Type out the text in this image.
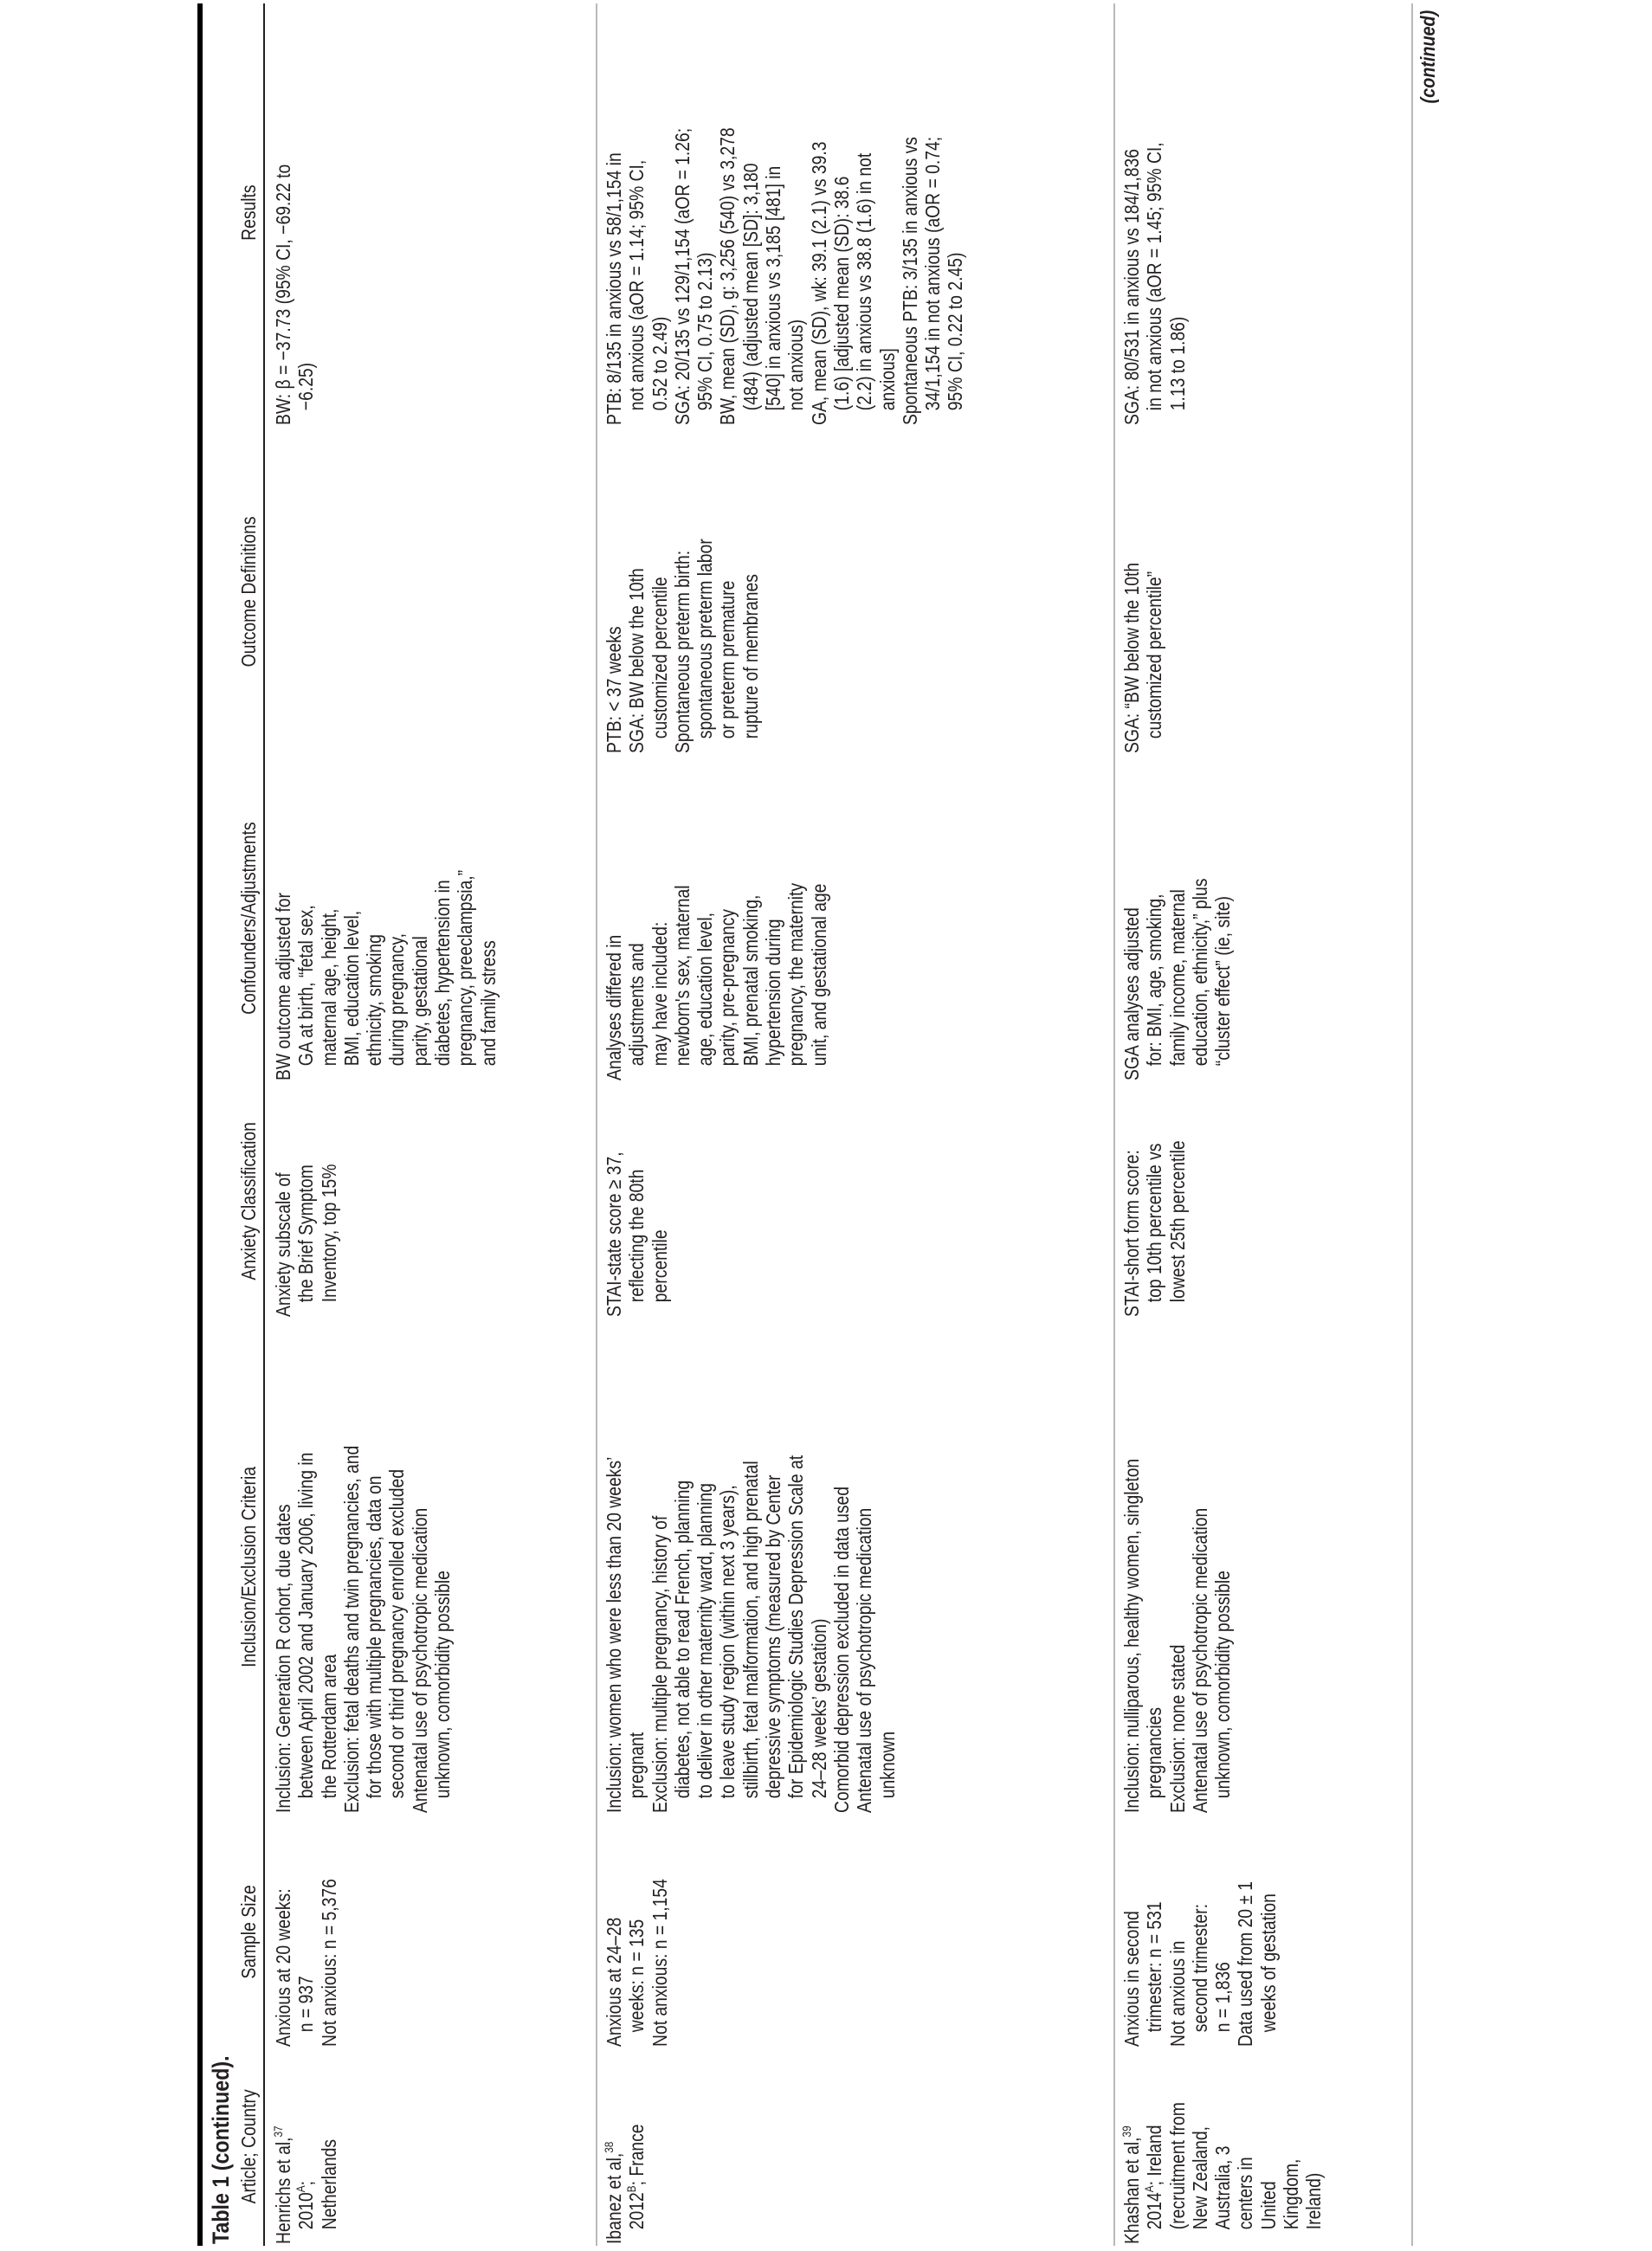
Table 1 (continued). Article; Country
Sample Size
Inclusion/Exclusion Criteria
Anxiety Classification
Confounders/Adjustments
Outcome Definitions
Results
Henrichs et al,$^{37}$
$2010^A$; Netherlands
Anxious at 20 weeks: n = 937 Not anxious: n = 5,376
Inclusion: Generation R cohort, due dates between April 2002 and January 2006, living in the Rotterdam area Exclusion: fetal deaths and twin pregnancies, and for those with multiple pregnancies, data on second or third pregnancy enrolled excluded Antenatal use of psychotropic medication unknown, comorbidity possible
Anxiety subscale of the Brief Symptom Inventory, top 15%
BW outcome adjusted for GA at birth, “fetal sex, maternal age, height, BMI, education level, ethnicity, smoking during pregnancy, parity, gestational diabetes, hypertension in pregnancy, preeclampsia,” and family stress
BW: β = −37.73 (95% CI, −69.22 to −6.25)
Ibanez et al,$^{38}$
$2012^B$; France
Anxious at 24–28 weeks: n = 135 Not anxious: n = 1,154
Inclusion: women who were less than 20 weeks’ pregnant Exclusion: multiple pregnancy, history of diabetes, not able to read French, planning to deliver in other maternity ward, planning to leave study region (within next 3 years), stillbirth, fetal malformation, and high prenatal depressive symptoms (measured by Center for Epidemiologic Studies Depression Scale at 24–28 weeks’ gestation) Comorbid depression excluded in data used Antenatal use of psychotropic medication unknown
STAI-state score ≥ 37, reflecting the 80th percentile
Analyses differed in adjustments and may have included: newborn's sex, maternal age, education level, parity, pre-pregnancy BMI, prenatal smoking, hypertension during pregnancy, the maternity unit, and gestational age
PTB: < 37 weeks SGA: BW below the 10th customized percentile Spontaneous preterm birth: spontaneous preterm labor or preterm premature rupture of membranes
PTB: 8/135 in anxious vs 58/1,154 in not anxious (aOR = 1.14; 95% CI, 0.52 to 2.49) SGA: 20/135 vs 129/1,154 (aOR = 1.26; 95% CI, 0.75 to 2.13) BW, mean (SD), g: 3,256 (540) vs 3,278 (484) (adjusted mean [SD]: 3,180 [540] in anxious vs 3,185 [481] in not anxious) GA, mean (SD), wk: 39.1 (2.1) vs 39.3 (1.6) [adjusted mean (SD): 38.6 (2.2) in anxious vs 38.8 (1.6) in not anxious] Spontaneous PTB: 3/135 in anxious vs 34/1,154 in not anxious (aOR = 0.74; 95% CI, 0.22 to 2.45)
Khashan et al,$^{39}$
$2014^A$; Ireland (recruitment from New Zealand, Australia, 3 centers in United Kingdom, Ireland)
Anxious in second trimester: n = 531 Not anxious in second trimester: n = 1,836 Data used from 20 ± 1 weeks of gestation
Inclusion: nulliparous, healthy women, singleton pregnancies Exclusion: none stated Antenatal use of psychotropic medication unknown, comorbidity possible
STAI-short form score: top 10th percentile vs lowest 25th percentile
SGA analyses adjusted for: BMI, age, smoking, family income, maternal education, ethnicity,” plus “cluster effect” (ie, site)
SGA: “BW below the 10th customized percentile”
SGA: 80/531 in anxious vs 184/1,836 in not anxious (aOR = 1.45; 95% CI, 1.13 to 1.86)
(continued)
